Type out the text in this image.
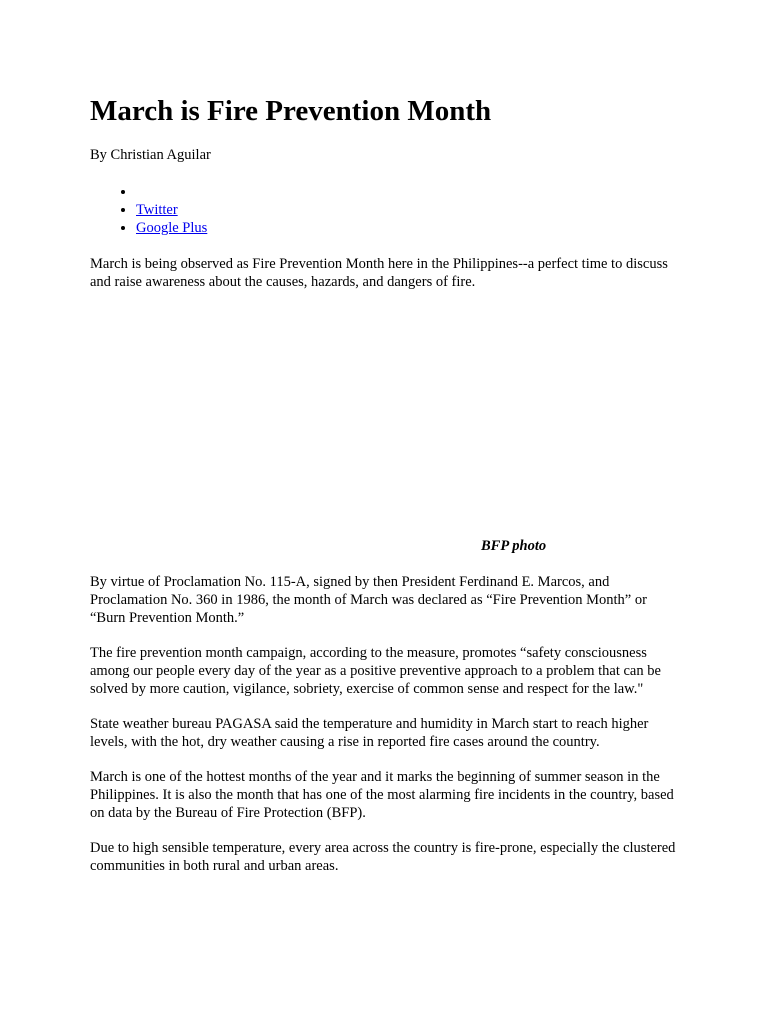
March is Fire Prevention Month
By Christian Aguilar
•
• Twitter
• Google Plus

March is being observed as Fire Prevention Month here in the Philippines--a perfect time to discuss and raise awareness about the causes, hazards, and dangers of fire.

BFP photo

By virtue of Proclamation No. 115-A, signed by then President Ferdinand E. Marcos, and Proclamation No. 360 in 1986, the month of March was declared as “Fire Prevention Month” or “Burn Prevention Month.”

The fire prevention month campaign, according to the measure, promotes “safety consciousness among our people every day of the year as a positive preventive approach to a problem that can be solved by more caution, vigilance, sobriety, exercise of common sense and respect for the law."

State weather bureau PAGASA said the temperature and humidity in March start to reach higher levels, with the hot, dry weather causing a rise in reported fire cases around the country.

March is one of the hottest months of the year and it marks the beginning of summer season in the Philippines. It is also the month that has one of the most alarming fire incidents in the country, based on data by the Bureau of Fire Protection (BFP).

Due to high sensible temperature, every area across the country is fire-prone, especially the clustered communities in both rural and urban areas.
